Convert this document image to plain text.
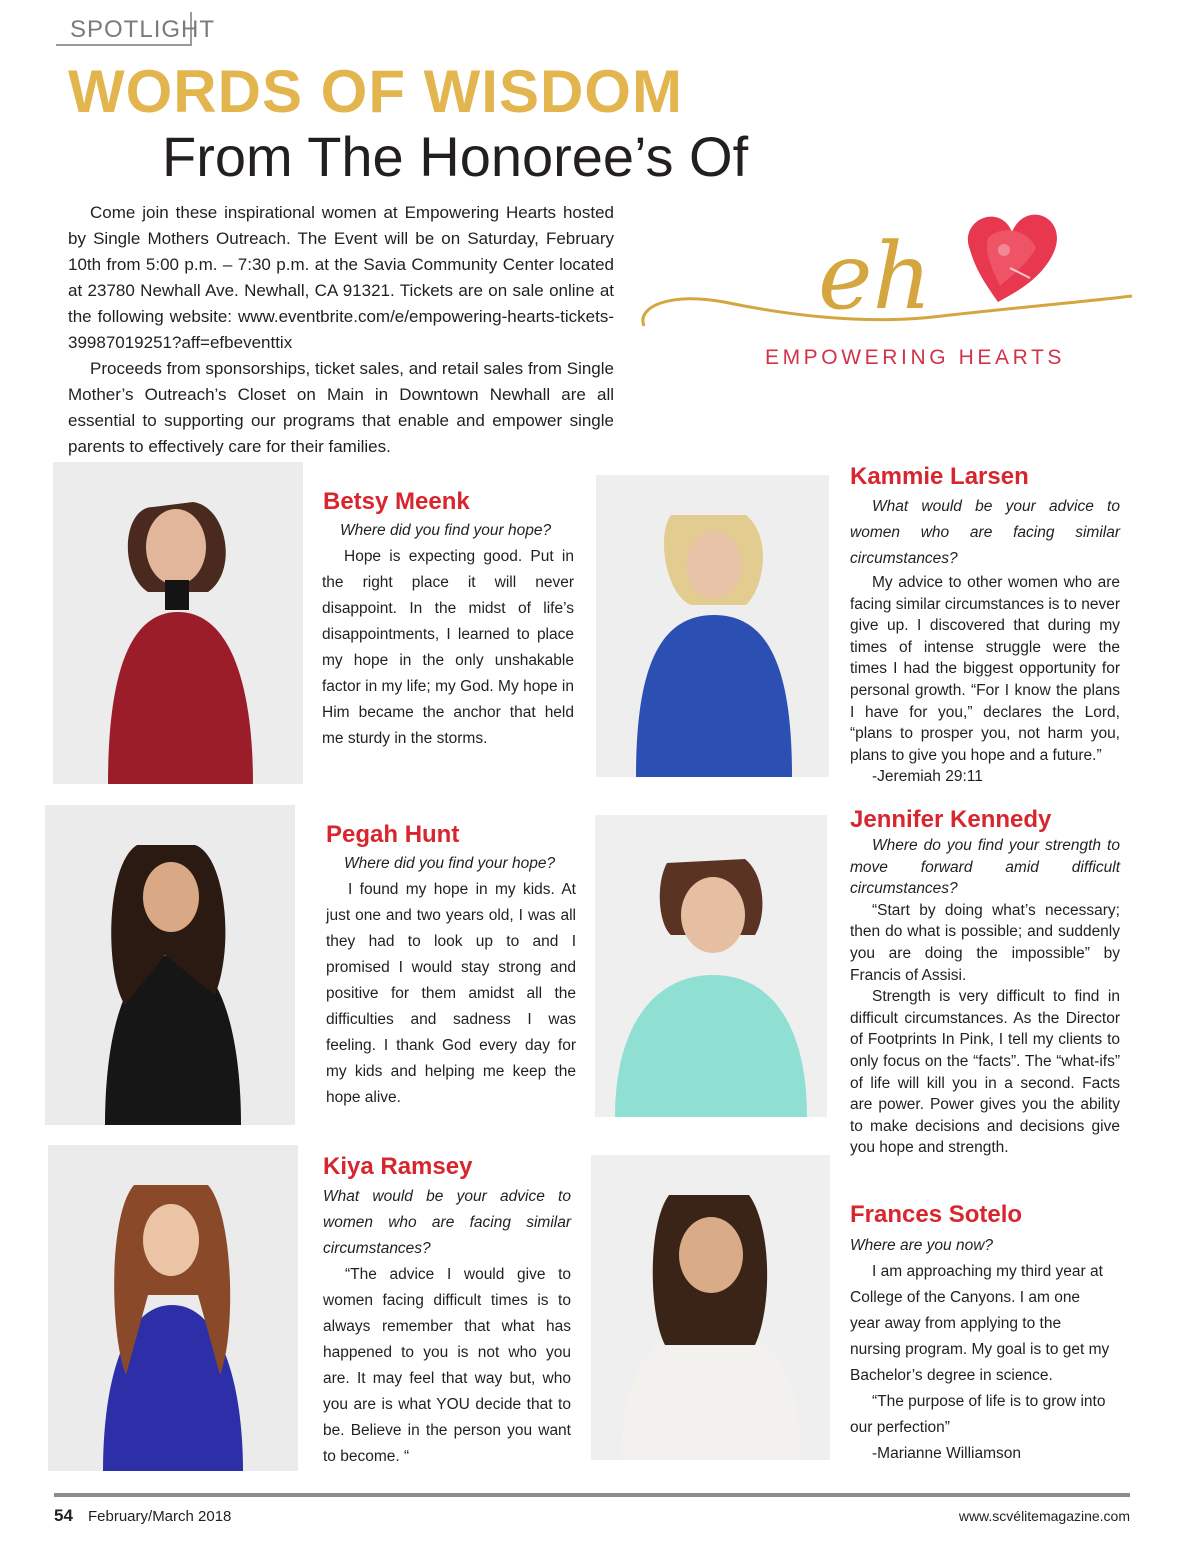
SPOTLIGHT
WORDS OF WISDOM
From The Honoree’s Of

Come join these inspirational women at Empowering Hearts hosted by Single Mothers Outreach. The Event will be on Saturday, February 10th from 5:00 p.m. – 7:30 p.m. at the Savia Community Center located at 23780 Newhall Ave. Newhall, CA 91321. Tickets are on sale online at the following website: www.eventbrite.com/e/empowering-hearts-tickets-39987019251?aff=efbeventtix

Proceeds from sponsorships, ticket sales, and retail sales from Single Mother’s Outreach’s Closet on Main in Downtown Newhall are all essential to supporting our programs that enable and empower single parents to effectively care for their families.

eh
EMPOWERING HEARTS
Betsy Meenk

Where did you find your hope?

Hope is expecting good. Put in the right place it will never disappoint. In the midst of life’s disappointments, I learned to place my hope in the only unshakable factor in my life; my God. My hope in Him became the anchor that held me sturdy in the storms.

Kammie Larsen

What would be your advice to women who are facing similar circumstances?

My advice to other women who are facing similar circumstances is to never give up. I discovered that during my times of intense struggle were the times I had the biggest opportunity for personal growth. “For I know the plans I have for you,” declares the Lord, “plans to prosper you, not harm you, plans to give you hope and a future.”

-Jeremiah 29:11

Pegah Hunt

Where did you find your hope?

I found my hope in my kids. At just one and two years old, I was all they had to look up to and I promised I would stay strong and positive for them amidst all the difficulties and sadness I was feeling. I thank God every day for my kids and helping me keep the hope alive.

Jennifer Kennedy

Where do you find your strength to move forward amid difficult circumstances?

“Start by doing what’s necessary; then do what is possible; and suddenly you are doing the impossible” by Francis of Assisi.

Strength is very difficult to find in difficult circumstances. As the Director of Footprints In Pink, I tell my clients to only focus on the “facts”. The “what-ifs” of life will kill you in a second. Facts are power. Power gives you the ability to make decisions and decisions give you hope and strength.

Kiya Ramsey

What would be your advice to women who are facing similar circumstances?

“The advice I would give to women facing difficult times is to always remember that what has happened to you is not who you are. It may feel that way but, who you are is what YOU decide that to be. Believe in the person you want to become. “

Frances Sotelo

Where are you now?

I am approaching my third year at College of the Canyons. I am one year away from applying to the nursing program. My goal is to get my Bachelor’s degree in science.

“The purpose of life is to grow into our perfection”

-Marianne Williamson

54 February/March 2018	www.scvélitemagazine.com
